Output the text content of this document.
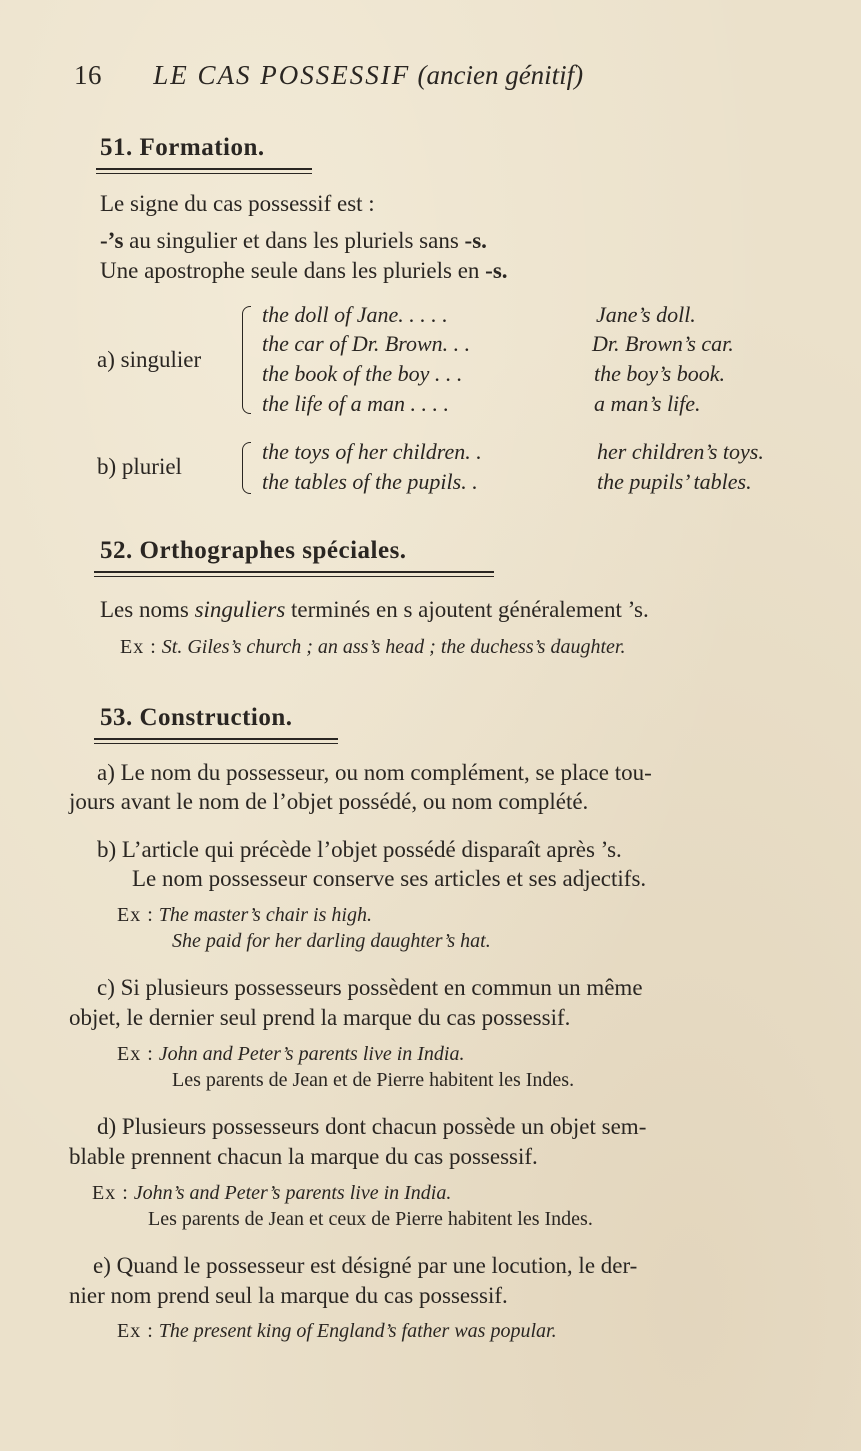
16 LE CAS POSSESSIF (ancien génitif)
51. Formation.
Le signe du cas possessif est :
-’s au singulier et dans les pluriels sans -s.
Une apostrophe seule dans les pluriels en -s.
a) singulier
the doll of Jane. . . . .	Jane’s doll.
the car of Dr. Brown. . .	Dr. Brown’s car.
the book of the boy . . .	the boy’s book.
the life of a man . . . .	a man’s life.
b) pluriel
the toys of her children. .	her children’s toys.
the tables of the pupils. .	the pupils’ tables.
52. Orthographes spéciales.
Les noms singuliers terminés en s ajoutent généralement ’s.
Ex : St. Giles’s church ; an ass’s head ; the duchess’s daughter.
53. Construction.
a) Le nom du possesseur, ou nom complément, se place tou-
jours avant le nom de l’objet possédé, ou nom complété.
b) L’article qui précède l’objet possédé disparaît après ’s.
Le nom possesseur conserve ses articles et ses adjectifs.
Ex : The master’s chair is high.
She paid for her darling daughter’s hat.
c) Si plusieurs possesseurs possèdent en commun un même
objet, le dernier seul prend la marque du cas possessif.
Ex : John and Peter’s parents live in India.
Les parents de Jean et de Pierre habitent les Indes.
d) Plusieurs possesseurs dont chacun possède un objet sem-
blable prennent chacun la marque du cas possessif.
Ex : John’s and Peter’s parents live in India.
Les parents de Jean et ceux de Pierre habitent les Indes.
e) Quand le possesseur est désigné par une locution, le der-
nier nom prend seul la marque du cas possessif.
Ex : The present king of England’s father was popular.
